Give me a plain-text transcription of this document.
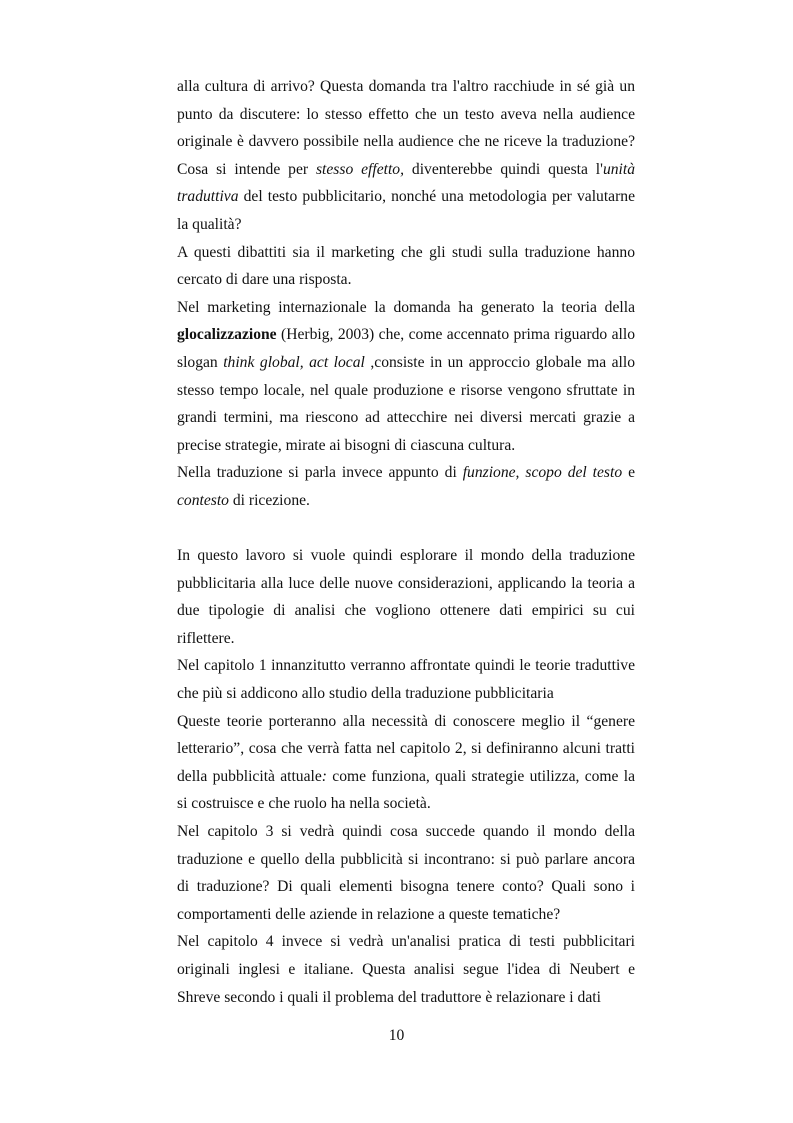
alla cultura di arrivo? Questa domanda tra l'altro racchiude in sé già un punto da discutere: lo stesso effetto che un testo aveva nella audience originale è davvero possibile nella audience che ne riceve la traduzione? Cosa si intende per stesso effetto, diventerebbe quindi questa l'unità traduttiva del testo pubblicitario, nonché una metodologia per valutarne la qualità?

A questi dibattiti sia il marketing che gli studi sulla traduzione hanno cercato di dare una risposta.

Nel marketing internazionale la domanda ha generato la teoria della glocalizzazione (Herbig, 2003) che, come accennato prima riguardo allo slogan think global, act local ,consiste in un approccio globale ma allo stesso tempo locale, nel quale produzione e risorse vengono sfruttate in grandi termini, ma riescono ad attecchire nei diversi mercati grazie a precise strategie, mirate ai bisogni di ciascuna cultura.

Nella traduzione si parla invece appunto di funzione, scopo del testo e contesto di ricezione.

In questo lavoro si vuole quindi esplorare il mondo della traduzione pubblicitaria alla luce delle nuove considerazioni, applicando la teoria a due tipologie di analisi che vogliono ottenere dati empirici su cui riflettere.

Nel capitolo 1 innanzitutto verranno affrontate quindi le teorie traduttive che più si addicono allo studio della traduzione pubblicitaria

Queste teorie porteranno alla necessità di conoscere meglio il “genere letterario”, cosa che verrà fatta nel capitolo 2, si definiranno alcuni tratti della pubblicità attuale: come funziona, quali strategie utilizza, come la si costruisce e che ruolo ha nella società.

Nel capitolo 3 si vedrà quindi cosa succede quando il mondo della traduzione e quello della pubblicità si incontrano: si può parlare ancora di traduzione? Di quali elementi bisogna tenere conto? Quali sono i comportamenti delle aziende in relazione a queste tematiche?

Nel capitolo 4 invece si vedrà un'analisi pratica di testi pubblicitari originali inglesi e italiane. Questa analisi segue l'idea di Neubert e Shreve secondo i quali il problema del traduttore è relazionare i dati

10
